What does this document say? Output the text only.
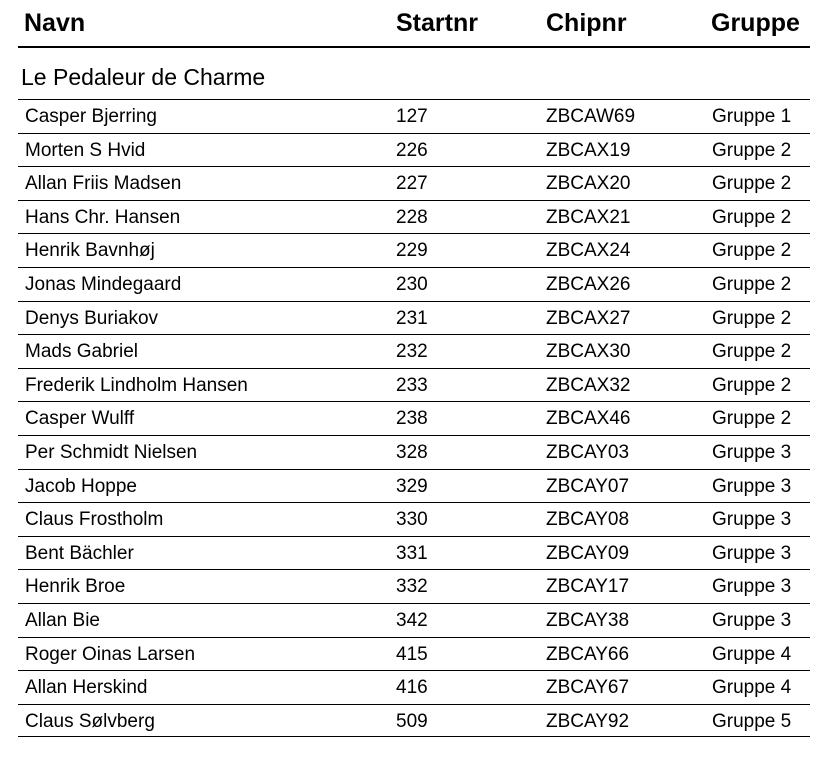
Navn	Startnr	Chipnr	Gruppe
Le Pedaleur de Charme
Casper Bjerring	127	ZBCAW69	Gruppe 1
Morten S Hvid	226	ZBCAX19	Gruppe 2
Allan Friis Madsen	227	ZBCAX20	Gruppe 2
Hans Chr. Hansen	228	ZBCAX21	Gruppe 2
Henrik Bavnhøj	229	ZBCAX24	Gruppe 2
Jonas Mindegaard	230	ZBCAX26	Gruppe 2
Denys Buriakov	231	ZBCAX27	Gruppe 2
Mads Gabriel	232	ZBCAX30	Gruppe 2
Frederik Lindholm Hansen	233	ZBCAX32	Gruppe 2
Casper Wulff	238	ZBCAX46	Gruppe 2
Per Schmidt Nielsen	328	ZBCAY03	Gruppe 3
Jacob Hoppe	329	ZBCAY07	Gruppe 3
Claus Frostholm	330	ZBCAY08	Gruppe 3
Bent Bächler	331	ZBCAY09	Gruppe 3
Henrik Broe	332	ZBCAY17	Gruppe 3
Allan Bie	342	ZBCAY38	Gruppe 3
Roger Oinas Larsen	415	ZBCAY66	Gruppe 4
Allan Herskind	416	ZBCAY67	Gruppe 4
Claus Sølvberg	509	ZBCAY92	Gruppe 5
